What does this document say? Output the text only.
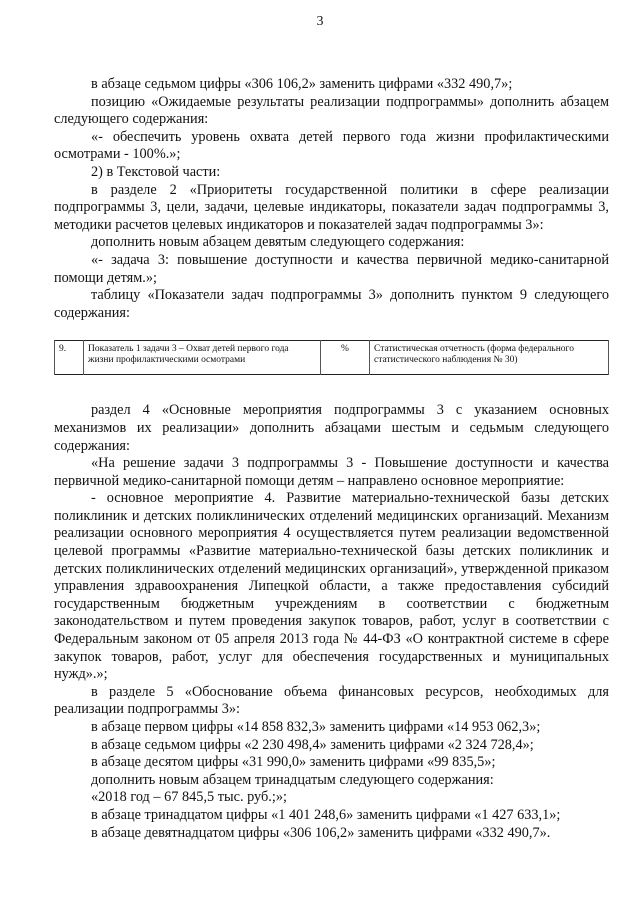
3

в абзаце седьмом цифры «306 106,2» заменить цифрами «332 490,7»;

позицию «Ожидаемые результаты реализации подпрограммы» дополнить абзацем следующего содержания:

«- обеспечить уровень охвата детей первого года жизни профилактическими осмотрами - 100%.»;

2) в Текстовой части:

в разделе 2 «Приоритеты государственной политики в сфере реализации подпрограммы 3, цели, задачи, целевые индикаторы, показатели задач подпрограммы 3, методики расчетов целевых индикаторов и показателей задач подпрограммы 3»:

дополнить новым абзацем девятым следующего содержания:

«- задача 3: повышение доступности и качества первичной медико-санитарной помощи детям.»;

таблицу «Показатели задач подпрограммы 3» дополнить пунктом 9 следующего содержания:

9.	Показатель 1 задачи 3 – Охват детей первого года жизни профилактическими осмотрами	%	Статистическая отчетность (форма федерального статистического наблюдения № 30)

раздел 4 «Основные мероприятия подпрограммы 3 с указанием основных механизмов их реализации» дополнить абзацами шестым и седьмым следующего содержания:

«На решение задачи 3 подпрограммы 3 - Повышение доступности и качества первичной медико-санитарной помощи детям – направлено основное мероприятие:

- основное мероприятие 4. Развитие материально-технической базы детских поликлиник и детских поликлинических отделений медицинских организаций. Механизм реализации основного мероприятия 4 осуществляется путем реализации ведомственной целевой программы «Развитие материально-технической базы детских поликлиник и детских поликлинических отделений медицинских организаций», утвержденной приказом управления здравоохранения Липецкой области, а также предоставления субсидий государственным бюджетным учреждениям в соответствии с бюджетным законодательством и путем проведения закупок товаров, работ, услуг в соответствии с Федеральным законом от 05 апреля 2013 года № 44-ФЗ «О контрактной системе в сфере закупок товаров, работ, услуг для обеспечения государственных и муниципальных нужд».»;

в разделе 5 «Обоснование объема финансовых ресурсов, необходимых для реализации подпрограммы 3»:

в абзаце первом цифры «14 858 832,3» заменить цифрами «14 953 062,3»;

в абзаце седьмом цифры «2 230 498,4» заменить цифрами «2 324 728,4»;

в абзаце десятом цифры «31 990,0» заменить цифрами «99 835,5»;

дополнить новым абзацем тринадцатым следующего содержания:

«2018 год – 67 845,5 тыс. руб.;»;

в абзаце тринадцатом цифры «1 401 248,6» заменить цифрами «1 427 633,1»;

в абзаце девятнадцатом цифры «306 106,2» заменить цифрами «332 490,7».
